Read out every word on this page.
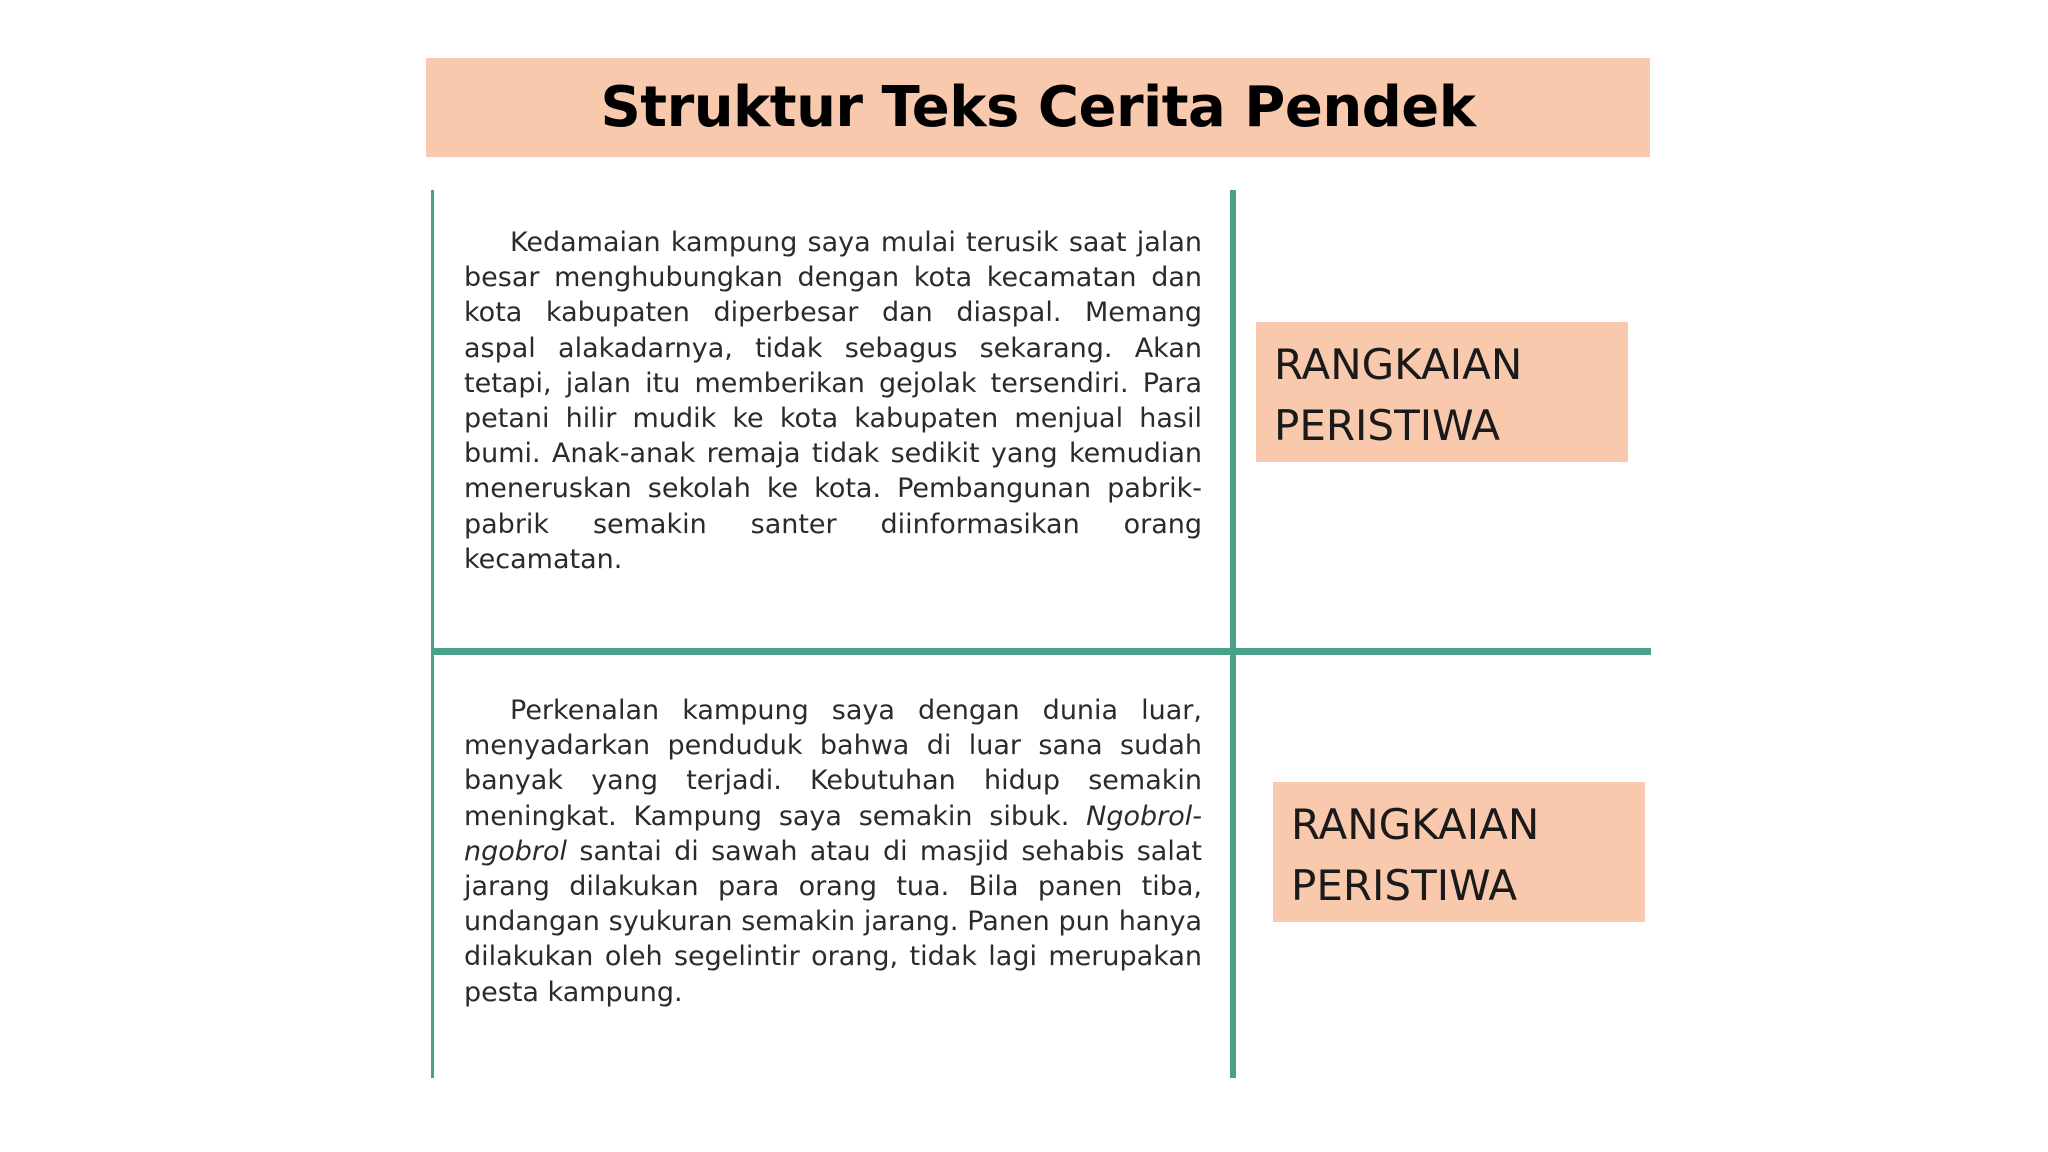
Struktur Teks Cerita Pendek

Kedamaian kampung saya mulai terusik saat jalan besar menghubungkan dengan kota kecamatan dan kota kabupaten diperbesar dan diaspal. Memang aspal alakadarnya, tidak sebagus sekarang. Akan tetapi, jalan itu memberikan gejolak tersendiri. Para petani hilir mudik ke kota kabupaten menjual hasil bumi. Anak-anak remaja tidak sedikit yang kemudian meneruskan sekolah ke kota. Pembangunan pabrik-pabrik semakin santer diinformasikan orang kecamatan.

RANGKAIAN
PERISTIWA

Perkenalan kampung saya dengan dunia luar, menyadarkan penduduk bahwa di luar sana sudah banyak yang terjadi. Kebutuhan hidup semakin meningkat. Kampung saya semakin sibuk. Ngobrol-ngobrol santai di sawah atau di masjid sehabis salat jarang dilakukan para orang tua. Bila panen tiba, undangan syukuran semakin jarang. Panen pun hanya dilakukan oleh segelintir orang, tidak lagi merupakan pesta kampung.

RANGKAIAN
PERISTIWA
